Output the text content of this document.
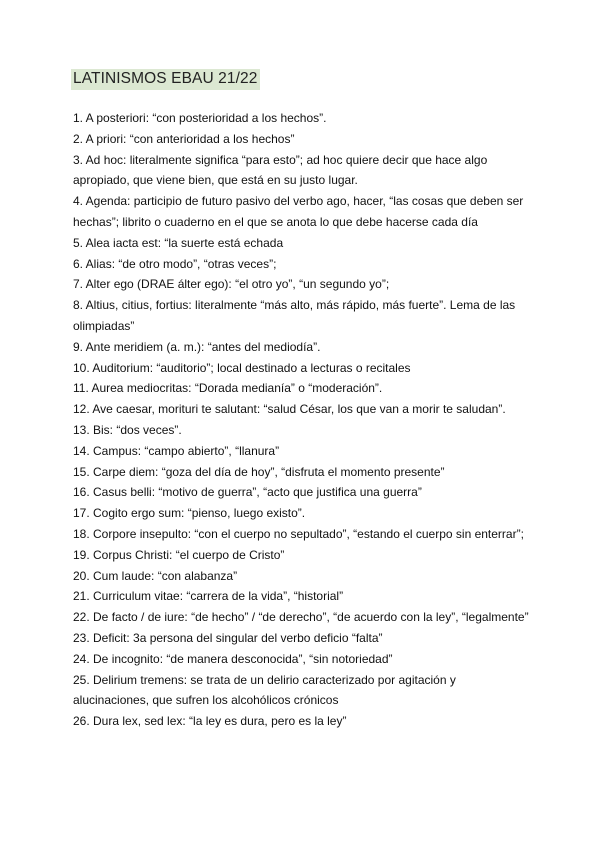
LATINISMOS EBAU 21/22
1. A posteriori: “con posterioridad a los hechos”.
2. A priori: “con anterioridad a los hechos”
3. Ad hoc: literalmente significa “para esto”; ad hoc quiere decir que hace algo apropiado, que viene bien, que está en su justo lugar.
4. Agenda: participio de futuro pasivo del verbo ago, hacer, “las cosas que deben ser hechas”; librito o cuaderno en el que se anota lo que debe hacerse cada día
5. Alea iacta est: “la suerte está echada
6. Alias: “de otro modo”, “otras veces”;
7. Alter ego (DRAE álter ego): “el otro yo”, “un segundo yo”;
8. Altius, citius, fortius: literalmente “más alto, más rápido, más fuerte”. Lema de las olimpiadas”
9. Ante meridiem (a. m.): “antes del mediodía”.
10. Auditorium: “auditorio”; local destinado a lecturas o recitales
11. Aurea mediocritas: “Dorada medianía” o “moderación”.
12. Ave caesar, morituri te salutant: “salud César, los que van a morir te saludan”.
13. Bis: “dos veces”.
14. Campus: “campo abierto”, “llanura”
15. Carpe diem: “goza del día de hoy”, “disfruta el momento presente”
16. Casus belli: “motivo de guerra”, “acto que justifica una guerra”
17. Cogito ergo sum: “pienso, luego existo”.
18. Corpore insepulto: “con el cuerpo no sepultado”, “estando el cuerpo sin enterrar”;
19. Corpus Christi: “el cuerpo de Cristo”
20. Cum laude: “con alabanza”
21. Curriculum vitae: “carrera de la vida”, “historial”
22. De facto / de iure: “de hecho” / “de derecho”, “de acuerdo con la ley”, “legalmente”
23. Deficit: 3a persona del singular del verbo deficio “falta”
24. De incognito: “de manera desconocida”, “sin notoriedad”
25. Delirium tremens: se trata de un delirio caracterizado por agitación y alucinaciones, que sufren los alcohólicos crónicos
26. Dura lex, sed lex: “la ley es dura, pero es la ley”
